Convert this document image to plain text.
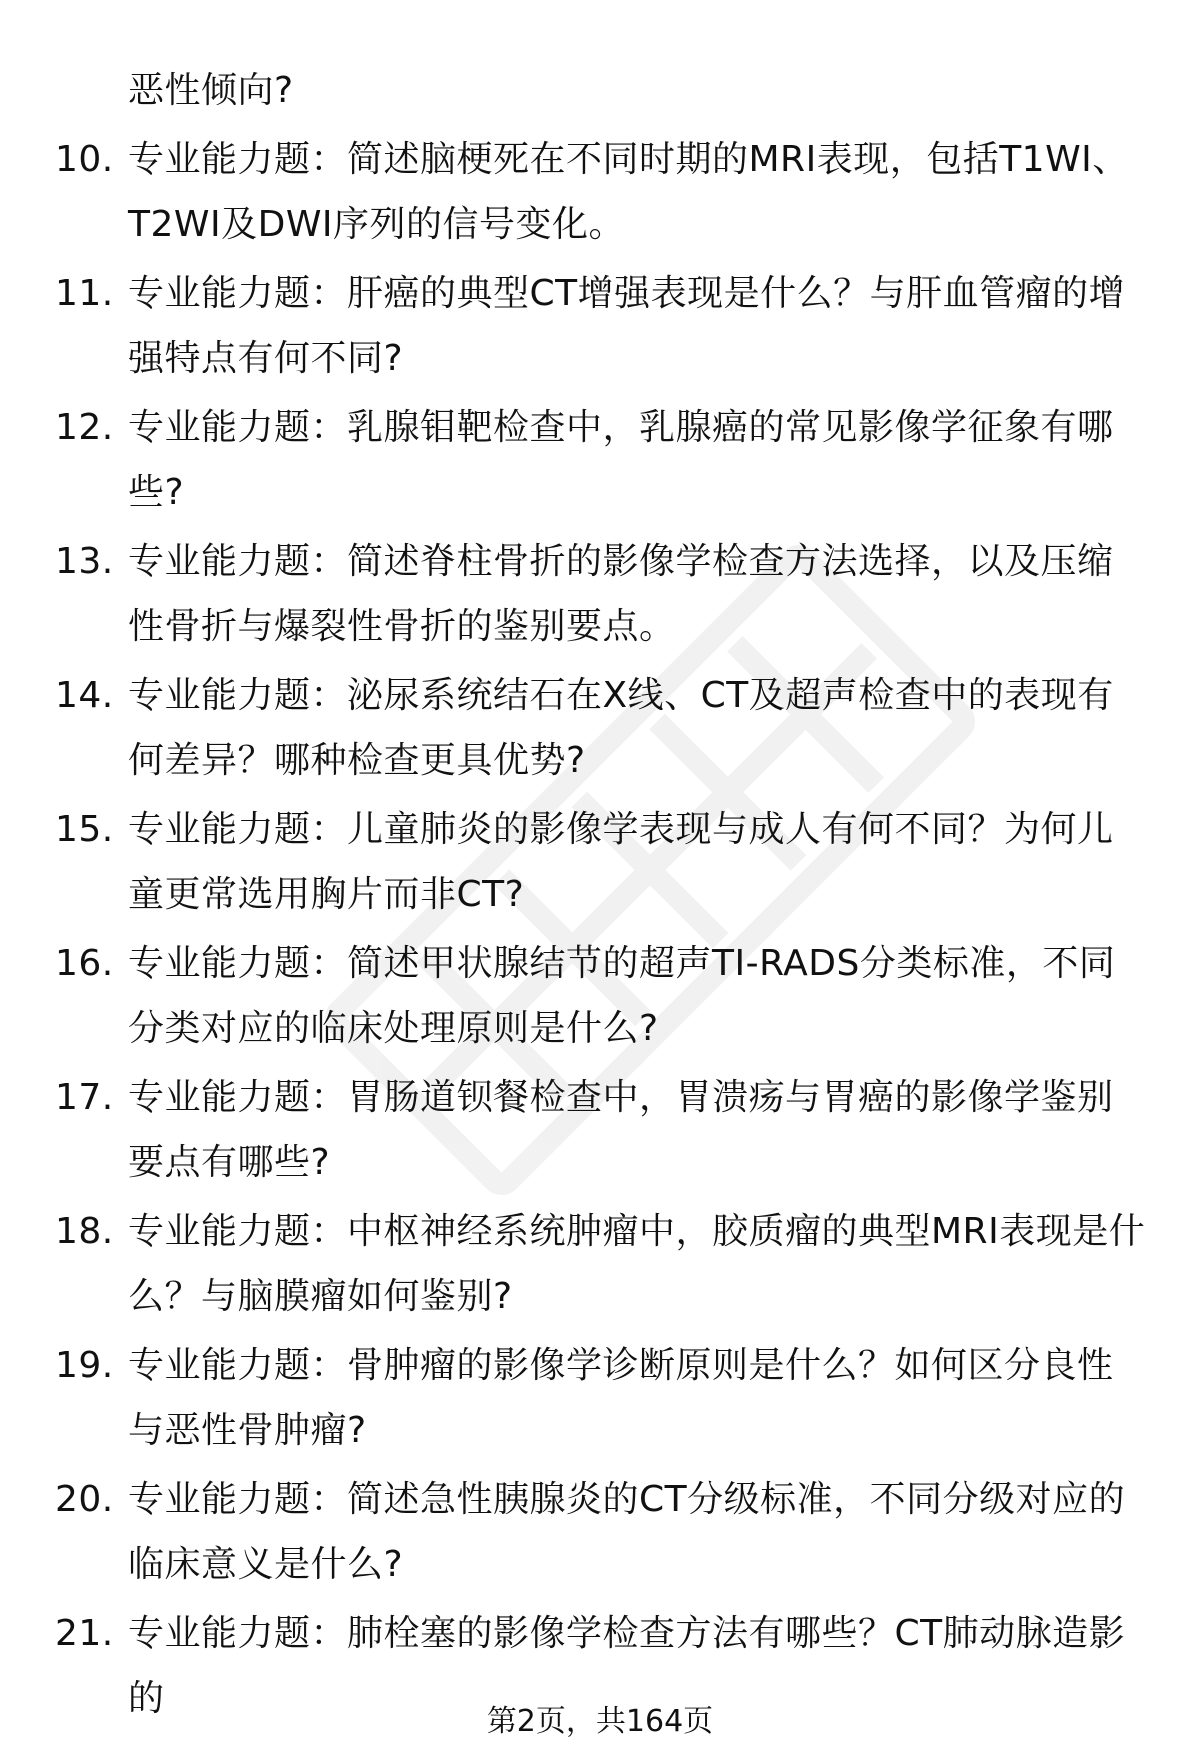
恶性倾向?
10. 专业能力题：简述脑梗死在不同时期的MRI表现，包括T1WI、T2WI及DWI序列的信号变化。
11. 专业能力题：肝癌的典型CT增强表现是什么？与肝血管瘤的增强特点有何不同?
12. 专业能力题：乳腺钼靶检查中，乳腺癌的常见影像学征象有哪些?
13. 专业能力题：简述脊柱骨折的影像学检查方法选择，以及压缩性骨折与爆裂性骨折的鉴别要点。
14. 专业能力题：泌尿系统结石在X线、CT及超声检查中的表现有何差异？哪种检查更具优势?
15. 专业能力题：儿童肺炎的影像学表现与成人有何不同？为何儿童更常选用胸片而非CT?
16. 专业能力题：简述甲状腺结节的超声TI-RADS分类标准，不同分类对应的临床处理原则是什么?
17. 专业能力题：胃肠道钡餐检查中，胃溃疡与胃癌的影像学鉴别要点有哪些?
18. 专业能力题：中枢神经系统肿瘤中，胶质瘤的典型MRI表现是什么？与脑膜瘤如何鉴别?
19. 专业能力题：骨肿瘤的影像学诊断原则是什么？如何区分良性与恶性骨肿瘤?
20. 专业能力题：简述急性胰腺炎的CT分级标准，不同分级对应的临床意义是什么?
21. 专业能力题：肺栓塞的影像学检查方法有哪些？CT肺动脉造影的
第2页，共164页
